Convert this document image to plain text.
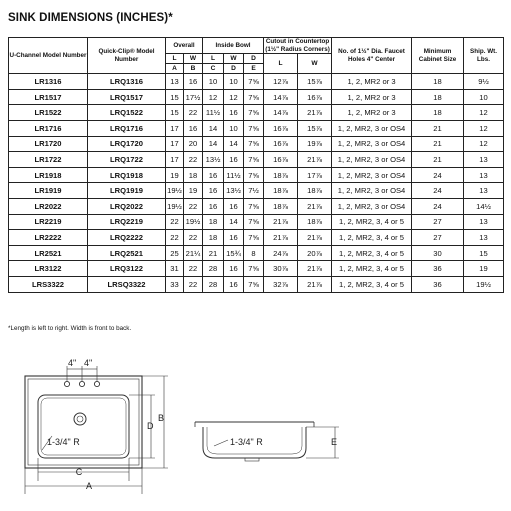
SINK DIMENSIONS (INCHES)*
U-Channel Model Number	Quick-Clip® Model Number	Overall		Inside Bowl			Cutout in Countertop (1½" Radius Corners)		No. of 1½" Dia. Faucet Holes 4" Center	Minimum Cabinet Size	Ship. Wt. Lbs.
		L	W	L	W	D	L	W			
		A	B	C	D	E					
LR1316	LRQ1316	13	16	10	10	7⅝	12⅞	15⅞	1, 2, MR2 or 3	18	9½
LR1517	LRQ1517	15	17½	12	12	7⅝	14⅞	16⅞	1, 2, MR2 or 3	18	10
LR1522	LRQ1522	15	22	11½	16	7⅝	14⅞	21⅞	1, 2, MR2 or 3	18	12
LR1716	LRQ1716	17	16	14	10	7⅝	16⅞	15⅞	1, 2, MR2, 3 or OS4	21	12
LR1720	LRQ1720	17	20	14	14	7⅝	16⅞	19⅞	1, 2, MR2, 3 or OS4	21	12
LR1722	LRQ1722	17	22	13½	16	7⅝	16⅞	21⅞	1, 2, MR2, 3 or OS4	21	13
LR1918	LRQ1918	19	18	16	11½	7⅝	18⅞	17⅞	1, 2, MR2, 3 or OS4	24	13
LR1919	LRQ1919	19½	19	16	13½	7½	18⅞	18⅞	1, 2, MR2, 3 or OS4	24	13
LR2022	LRQ2022	19½	22	16	16	7⅝	18⅞	21⅞	1, 2, MR2, 3 or OS4	24	14½
LR2219	LRQ2219	22	19½	18	14	7⅝	21⅞	18⅞	1, 2, MR2, 3, 4 or 5	27	13
LR2222	LRQ2222	22	22	18	16	7⅝	21⅞	21⅞	1, 2, MR2, 3, 4 or 5	27	13
LR2521	LRQ2521	25	21¼	21	15¾	8	24⅞	20⅞	1, 2, MR2, 3, 4 or 5	30	15
LR3122	LRQ3122	31	22	28	16	7⅝	30⅞	21⅞	1, 2, MR2, 3, 4 or 5	36	19
LRS3322	LRSQ3322	33	22	28	16	7⅝	32⅞	21⅞	1, 2, MR2, 3, 4 or 5	36	19½
*Length is left to right. Width is front to back.
4" 4"
1-3/4" R
C
A
D
B
1-3/4" R	E
